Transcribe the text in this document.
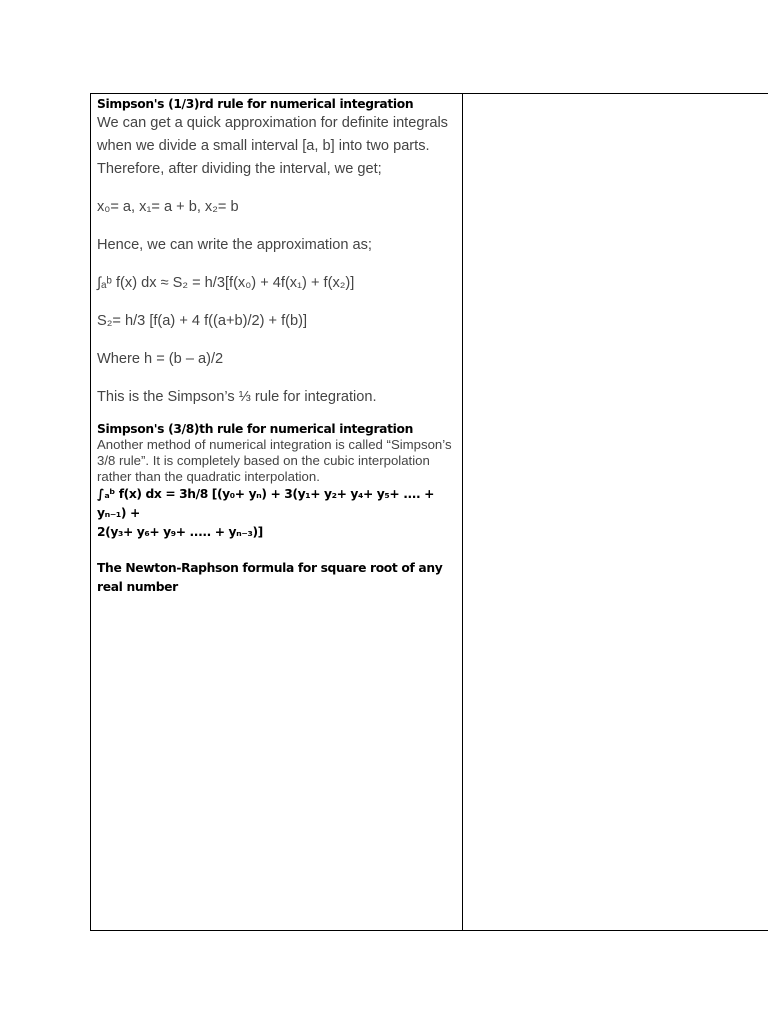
Simpson's (1/3)rd rule for numerical integration

We can get a quick approximation for definite integrals when we divide a small interval [a, b] into two parts. Therefore, after dividing the interval, we get;

x₀= a, x₁= a + b, x₂= b

Hence, we can write the approximation as;

∫ₐᵇ f(x) dx ≈ S₂ = h/3[f(x₀) + 4f(x₁) + f(x₂)]

S₂= h/3 [f(a) + 4 f((a+b)/2) + f(b)]

Where h = (b – a)/2

This is the Simpson’s ⅓ rule for integration.

Simpson's (3/8)th rule for numerical integration

Another method of numerical integration is called “Simpson’s 3/8 rule”. It is completely based on the cubic interpolation rather than the quadratic interpolation.

∫ₐᵇ f(x) dx = 3h/8 [(y₀+ yₙ) + 3(y₁+ y₂+ y₄+ y₅+ .... + yₙ₋₁) +

2(y₃+ y₆+ y₉+ ..... + yₙ₋₃)]

The Newton-Raphson formula for square root of any real number
